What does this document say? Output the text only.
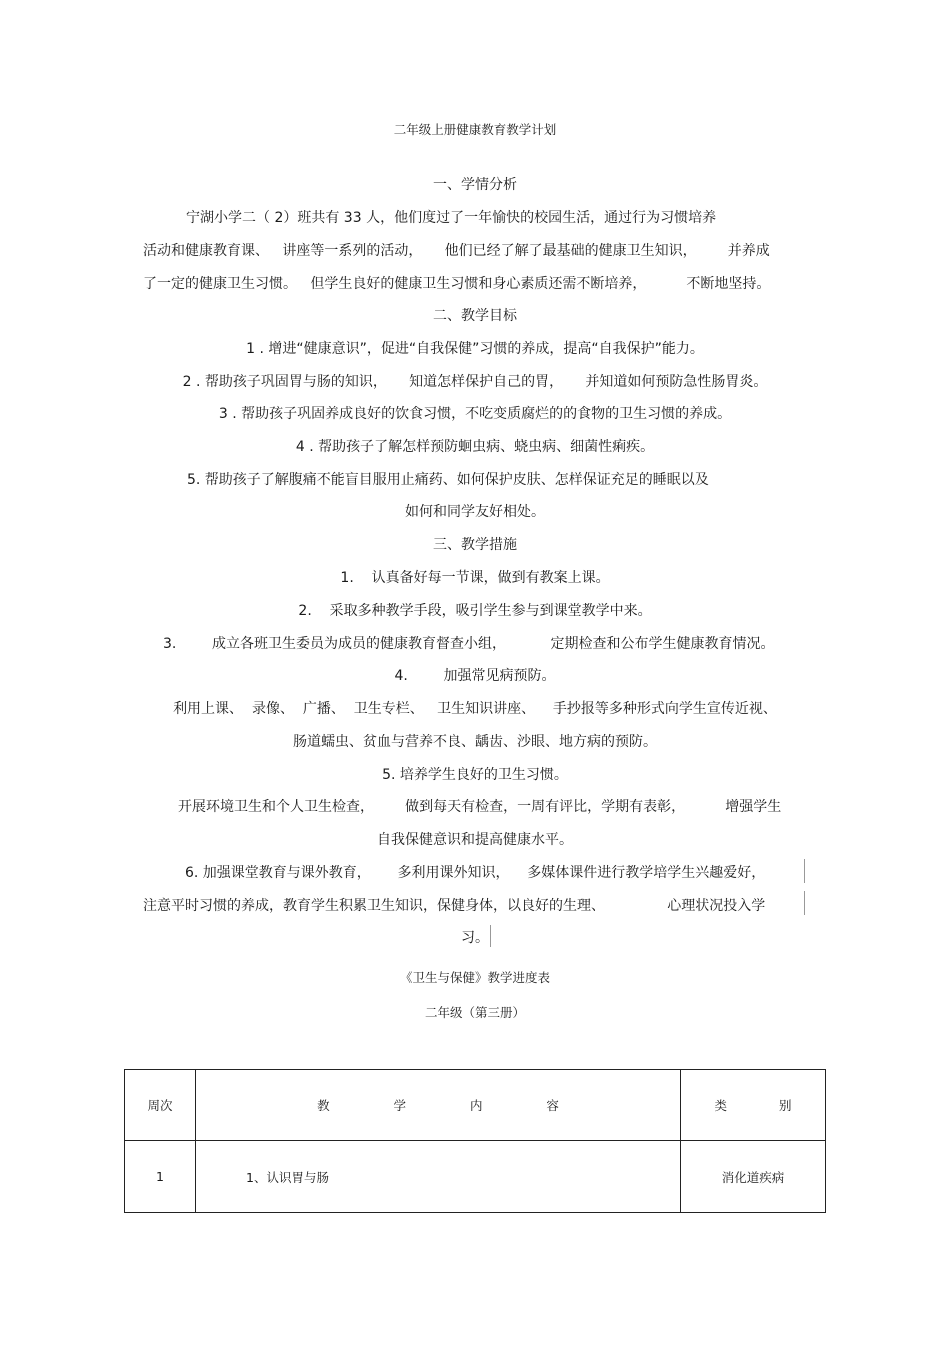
二年级上册健康教育教学计划
一、学情分析
宁湖小学二（ 2）班共有 33 人，他们度过了一年愉快的校园生活，通过行为习惯培养
活动和健康教育课、   讲座等一系列的活动，     他们已经了解了最基础的健康卫生知识，       并养成
了一定的健康卫生习惯。   但学生良好的健康卫生习惯和身心素质还需不断培养，         不断地坚持。
二、教学目标
1 . 增进“健康意识”，促进“自我保健”习惯的养成，提高“自我保护”能力。
2 . 帮助孩子巩固胃与肠的知识，     知道怎样保护自己的胃，     并知道如何预防急性肠胃炎。
3 . 帮助孩子巩固养成良好的饮食习惯，不吃变质腐烂的的食物的卫生习惯的养成。
4 . 帮助孩子了解怎样预防蛔虫病、蛲虫病、细菌性痢疾。
5. 帮助孩子了解腹痛不能盲目服用止痛药、如何保护皮肤、怎样保证充足的睡眠以及
如何和同学友好相处。
三、教学措施
1.    认真备好每一节课，做到有教案上课。
2.    采取多种教学手段，吸引学生参与到课堂教学中来。
3.        成立各班卫生委员为成员的健康教育督查小组，          定期检查和公布学生健康教育情况。
4.        加强常见病预防。
利用上课、  录像、  广播、  卫生专栏、   卫生知识讲座、    手抄报等多种形式向学生宣传近视、
肠道蠕虫、贫血与营养不良、龋齿、沙眼、地方病的预防。
5. 培养学生良好的卫生习惯。
开展环境卫生和个人卫生检查，       做到每天有检查，一周有评比，学期有表彰，         增强学生
自我保健意识和提高健康水平。
6. 加强课堂教育与课外教育，      多利用课外知识，    多媒体课件进行教学培学生兴趣爱好，
注意平时习惯的养成，教育学生积累卫生知识，保健身体，以良好的生理、              心理状况投入学
习。
《卫生与保健》教学进度表
二年级（第三册）
周次	教  学  内  容	类  别
1	1、认识胃与肠	消化道疾病
